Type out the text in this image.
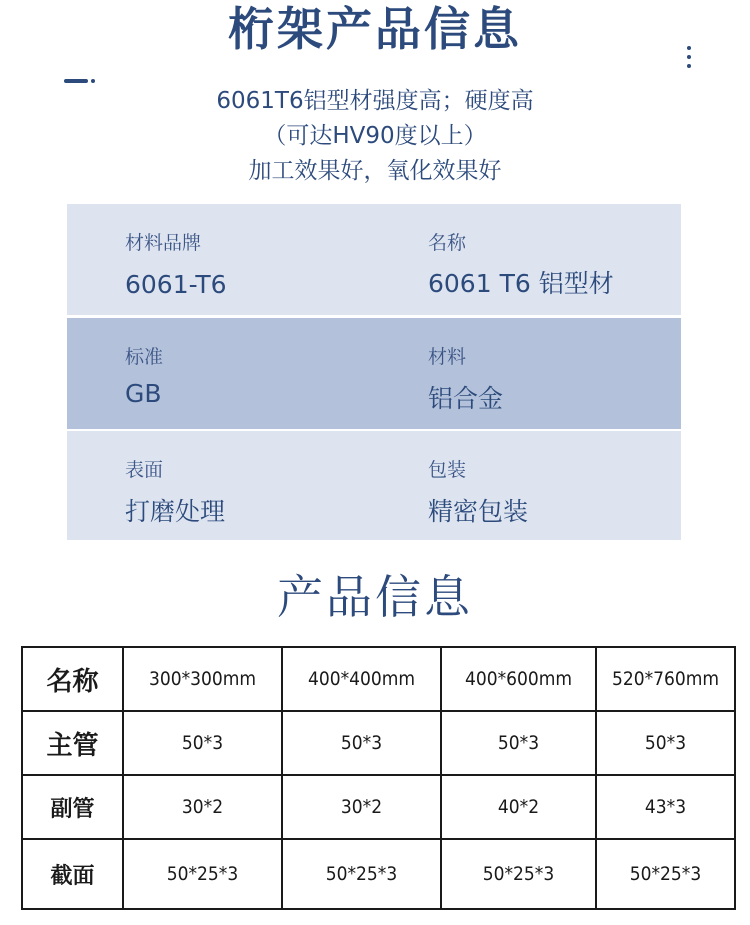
桁架产品信息
6061T6铝型材强度高；硬度高
（可达HV90度以上）
加工效果好，氧化效果好
材料品牌
6061-T6
名称
6061 T6 铝型材
标准
GB
材料
铝合金
表面
打磨处理
包装
精密包装
产品信息
名称	300*300mm	400*400mm	400*600mm	520*760mm
主管	50*3	50*3	50*3	50*3
副管	30*2	30*2	40*2	43*3
截面	50*25*3	50*25*3	50*25*3	50*25*3
